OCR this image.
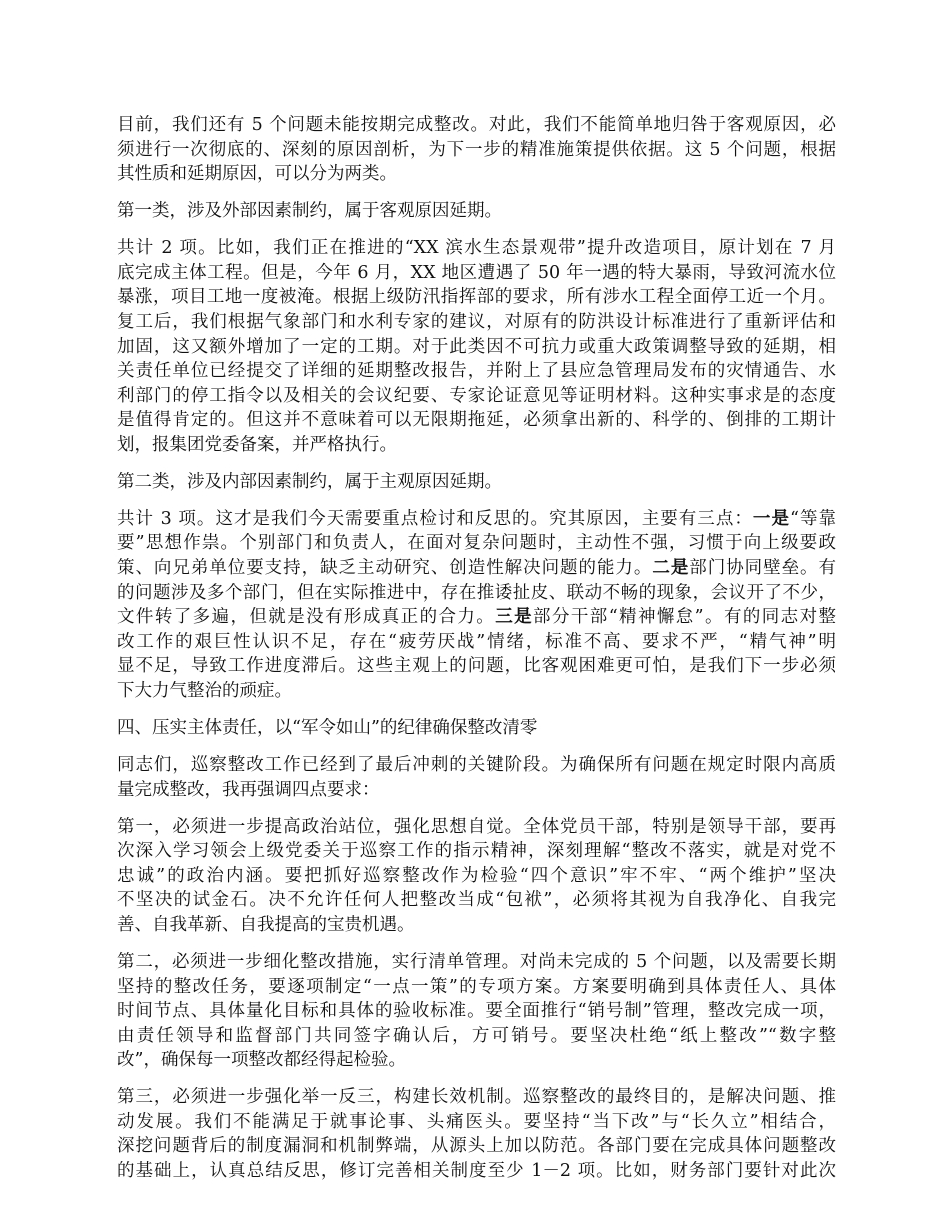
目前，我们还有 5 个问题未能按期完成整改。对此，我们不能简单地归咎于客观原因，必
须进行一次彻底的、深刻的原因剖析，为下一步的精准施策提供依据。这 5 个问题，根据
其性质和延期原因，可以分为两类。
第一类，涉及外部因素制约，属于客观原因延期。
共计 2 项。比如，我们正在推进的“XX 滨水生态景观带”提升改造项目，原计划在 7 月
底完成主体工程。但是，今年 6 月，XX 地区遭遇了 50 年一遇的特大暴雨，导致河流水位
暴涨，项目工地一度被淹。根据上级防汛指挥部的要求，所有涉水工程全面停工近一个月。
复工后，我们根据气象部门和水利专家的建议，对原有的防洪设计标准进行了重新评估和
加固，这又额外增加了一定的工期。对于此类因不可抗力或重大政策调整导致的延期，相
关责任单位已经提交了详细的延期整改报告，并附上了县应急管理局发布的灾情通告、水
利部门的停工指令以及相关的会议纪要、专家论证意见等证明材料。这种实事求是的态度
是值得肯定的。但这并不意味着可以无限期拖延，必须拿出新的、科学的、倒排的工期计
划，报集团党委备案，并严格执行。
第二类，涉及内部因素制约，属于主观原因延期。
共计 3 项。这才是我们今天需要重点检讨和反思的。究其原因，主要有三点：一是“等靠
要”思想作祟。个别部门和负责人，在面对复杂问题时，主动性不强，习惯于向上级要政
策、向兄弟单位要支持，缺乏主动研究、创造性解决问题的能力。二是部门协同壁垒。有
的问题涉及多个部门，但在实际推进中，存在推诿扯皮、联动不畅的现象，会议开了不少，
文件转了多遍，但就是没有形成真正的合力。三是部分干部“精神懈怠”。有的同志对整
改工作的艰巨性认识不足，存在“疲劳厌战”情绪，标准不高、要求不严，“精气神”明
显不足，导致工作进度滞后。这些主观上的问题，比客观困难更可怕，是我们下一步必须
下大力气整治的顽症。
四、压实主体责任，以“军令如山”的纪律确保整改清零
同志们，巡察整改工作已经到了最后冲刺的关键阶段。为确保所有问题在规定时限内高质
量完成整改，我再强调四点要求：
第一，必须进一步提高政治站位，强化思想自觉。全体党员干部，特别是领导干部，要再
次深入学习领会上级党委关于巡察工作的指示精神，深刻理解“整改不落实，就是对党不
忠诚”的政治内涵。要把抓好巡察整改作为检验“四个意识”牢不牢、“两个维护”坚决
不坚决的试金石。决不允许任何人把整改当成“包袱”，必须将其视为自我净化、自我完
善、自我革新、自我提高的宝贵机遇。
第二，必须进一步细化整改措施，实行清单管理。对尚未完成的 5 个问题，以及需要长期
坚持的整改任务，要逐项制定“一点一策”的专项方案。方案要明确到具体责任人、具体
时间节点、具体量化目标和具体的验收标准。要全面推行“销号制”管理，整改完成一项，
由责任领导和监督部门共同签字确认后，方可销号。要坚决杜绝“纸上整改”“数字整
改”，确保每一项整改都经得起检验。
第三，必须进一步强化举一反三，构建长效机制。巡察整改的最终目的，是解决问题、推
动发展。我们不能满足于就事论事、头痛医头。要坚持“当下改”与“长久立”相结合，
深挖问题背后的制度漏洞和机制弊端，从源头上加以防范。各部门要在完成具体问题整改
的基础上，认真总结反思，修订完善相关制度至少 1－2 项。比如，财务部门要针对此次
